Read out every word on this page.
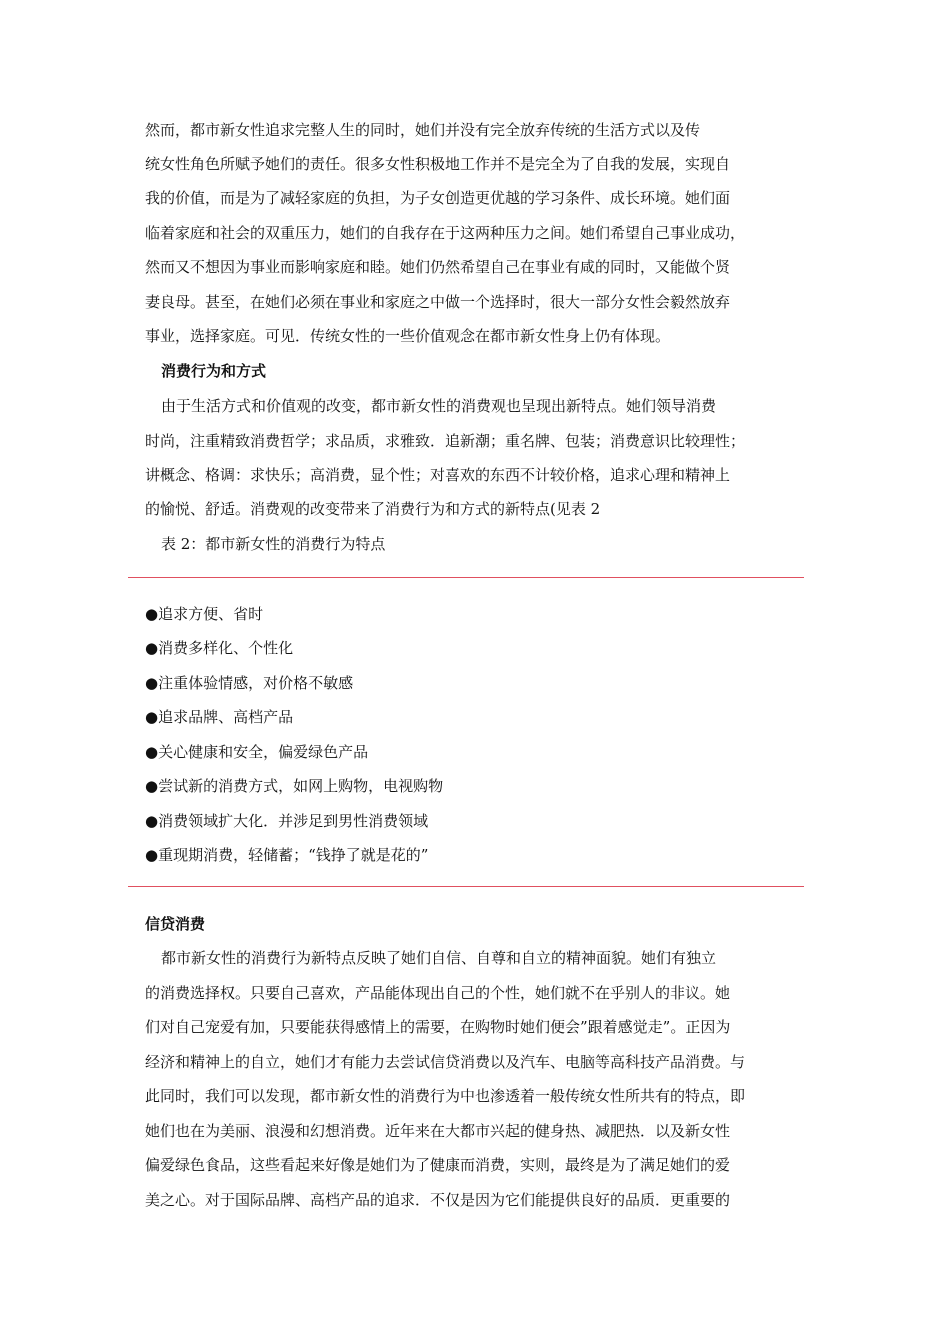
然而，都市新女性追求完整人生的同时，她们并没有完全放弃传统的生活方式以及传
统女性角色所赋予她们的责任。很多女性积极地工作并不是完全为了自我的发展，实现自
我的价值，而是为了减轻家庭的负担，为子女创造更优越的学习条件、成长环境。她们面
临着家庭和社会的双重压力，她们的自我存在于这两种压力之间。她们希望自己事业成功，
然而又不想因为事业而影响家庭和睦。她们仍然希望自己在事业有咸的同时，又能做个贤
妻良母。甚至，在她们必须在事业和家庭之中做一个选择时，很大一部分女性会毅然放弃
事业，选择家庭。可见．传统女性的一些价值观念在都市新女性身上仍有体现。
消费行为和方式
由于生活方式和价值观的改变，都市新女性的消费观也呈现出新特点。她们领导消费
时尚，注重精致消费哲学；求品质，求雅致．追新潮；重名牌、包装；消费意识比较理性；
讲概念、格调：求快乐；高消费，显个性；对喜欢的东西不计较价格，追求心理和精神上
的愉悦、舒适。消费观的改变带来了消费行为和方式的新特点(见表 2
表 2：都市新女性的消费行为特点
●追求方便、省时
●消费多样化、个性化
●注重体验情感，对价格不敏感
●追求品牌、高档产品
●关心健康和安全，偏爱绿色产品
●尝试新的消费方式，如网上购物，电视购物
●消费领域扩大化．并涉足到男性消费领域
●重现期消费，轻储蓄；“钱挣了就是花的”
信贷消费
都市新女性的消费行为新特点反映了她们自信、自尊和自立的精神面貌。她们有独立
的消费选择权。只要自己喜欢，产品能体现出自己的个性，她们就不在乎别人的非议。她
们对自己宠爱有加，只要能获得感情上的需要，在购物时她们便会”跟着感觉走”。正因为
经济和精神上的自立，她们才有能力去尝试信贷消费以及汽车、电脑等高科技产品消费。与
此同时，我们可以发现，都市新女性的消费行为中也渗透着一般传统女性所共有的特点，即
她们也在为美丽、浪漫和幻想消费。近年来在大都市兴起的健身热、减肥热．以及新女性
偏爱绿色食品，这些看起来好像是她们为了健康而消费，实则，最终是为了满足她们的爱
美之心。对于国际品牌、高档产品的追求．不仅是因为它们能提供良好的品质．更重要的
